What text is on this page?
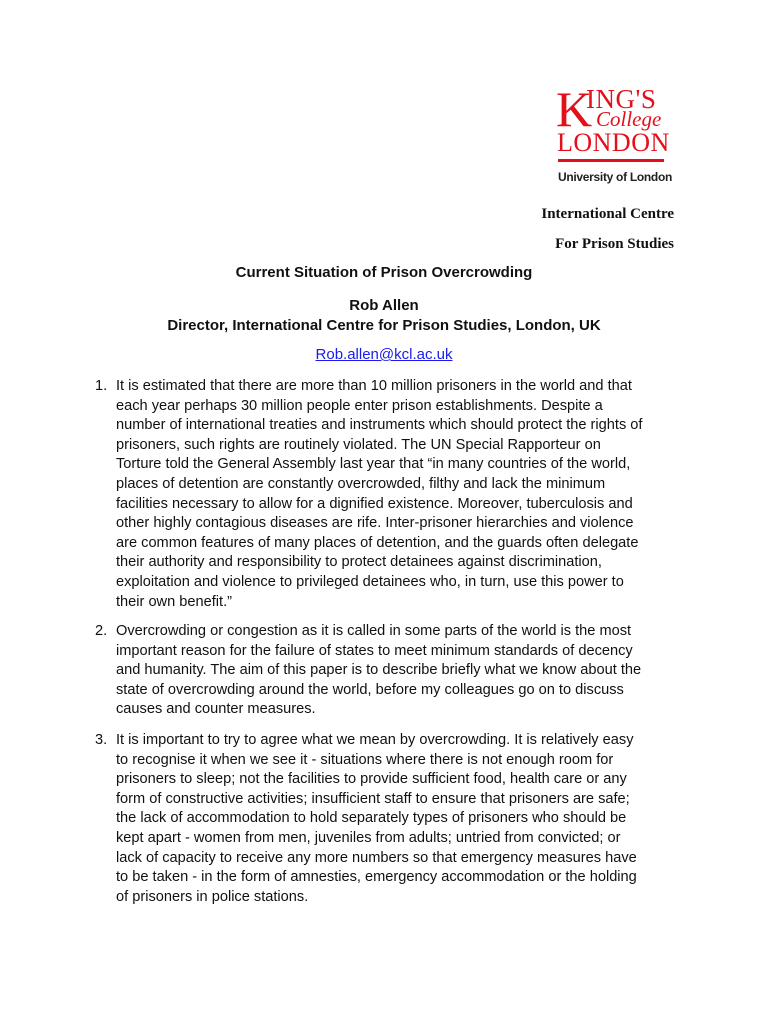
K
ING'S
College
LONDON
University of London
International Centre
For Prison Studies
Current Situation of Prison Overcrowding
Rob Allen
Director, International Centre for Prison Studies, London, UK
Rob.allen@kcl.ac.uk
1. It is estimated that there are more than 10 million prisoners in the world and that
each year perhaps 30 million people enter prison establishments. Despite a
number of international treaties and instruments which should protect the rights of
prisoners, such rights are routinely violated. The UN Special Rapporteur on
Torture told the General Assembly last year that “in many countries of the world,
places of detention are constantly overcrowded, filthy and lack the minimum
facilities necessary to allow for a dignified existence. Moreover, tuberculosis and
other highly contagious diseases are rife. Inter-prisoner hierarchies and violence
are common features of many places of detention, and the guards often delegate
their authority and responsibility to protect detainees against discrimination,
exploitation and violence to privileged detainees who, in turn, use this power to
their own benefit.”
2. Overcrowding or congestion as it is called in some parts of the world is the most
important reason for the failure of states to meet minimum standards of decency
and humanity. The aim of this paper is to describe briefly what we know about the
state of overcrowding around the world, before my colleagues go on to discuss
causes and counter measures.
3. It is important to try to agree what we mean by overcrowding. It is relatively easy
to recognise it when we see it - situations where there is not enough room for
prisoners to sleep; not the facilities to provide sufficient food, health care or any
form of constructive activities; insufficient staff to ensure that prisoners are safe;
the lack of accommodation to hold separately types of prisoners who should be
kept apart - women from men, juveniles from adults; untried from convicted; or
lack of capacity to receive any more numbers so that emergency measures have
to be taken - in the form of amnesties, emergency accommodation or the holding
of prisoners in police stations.
